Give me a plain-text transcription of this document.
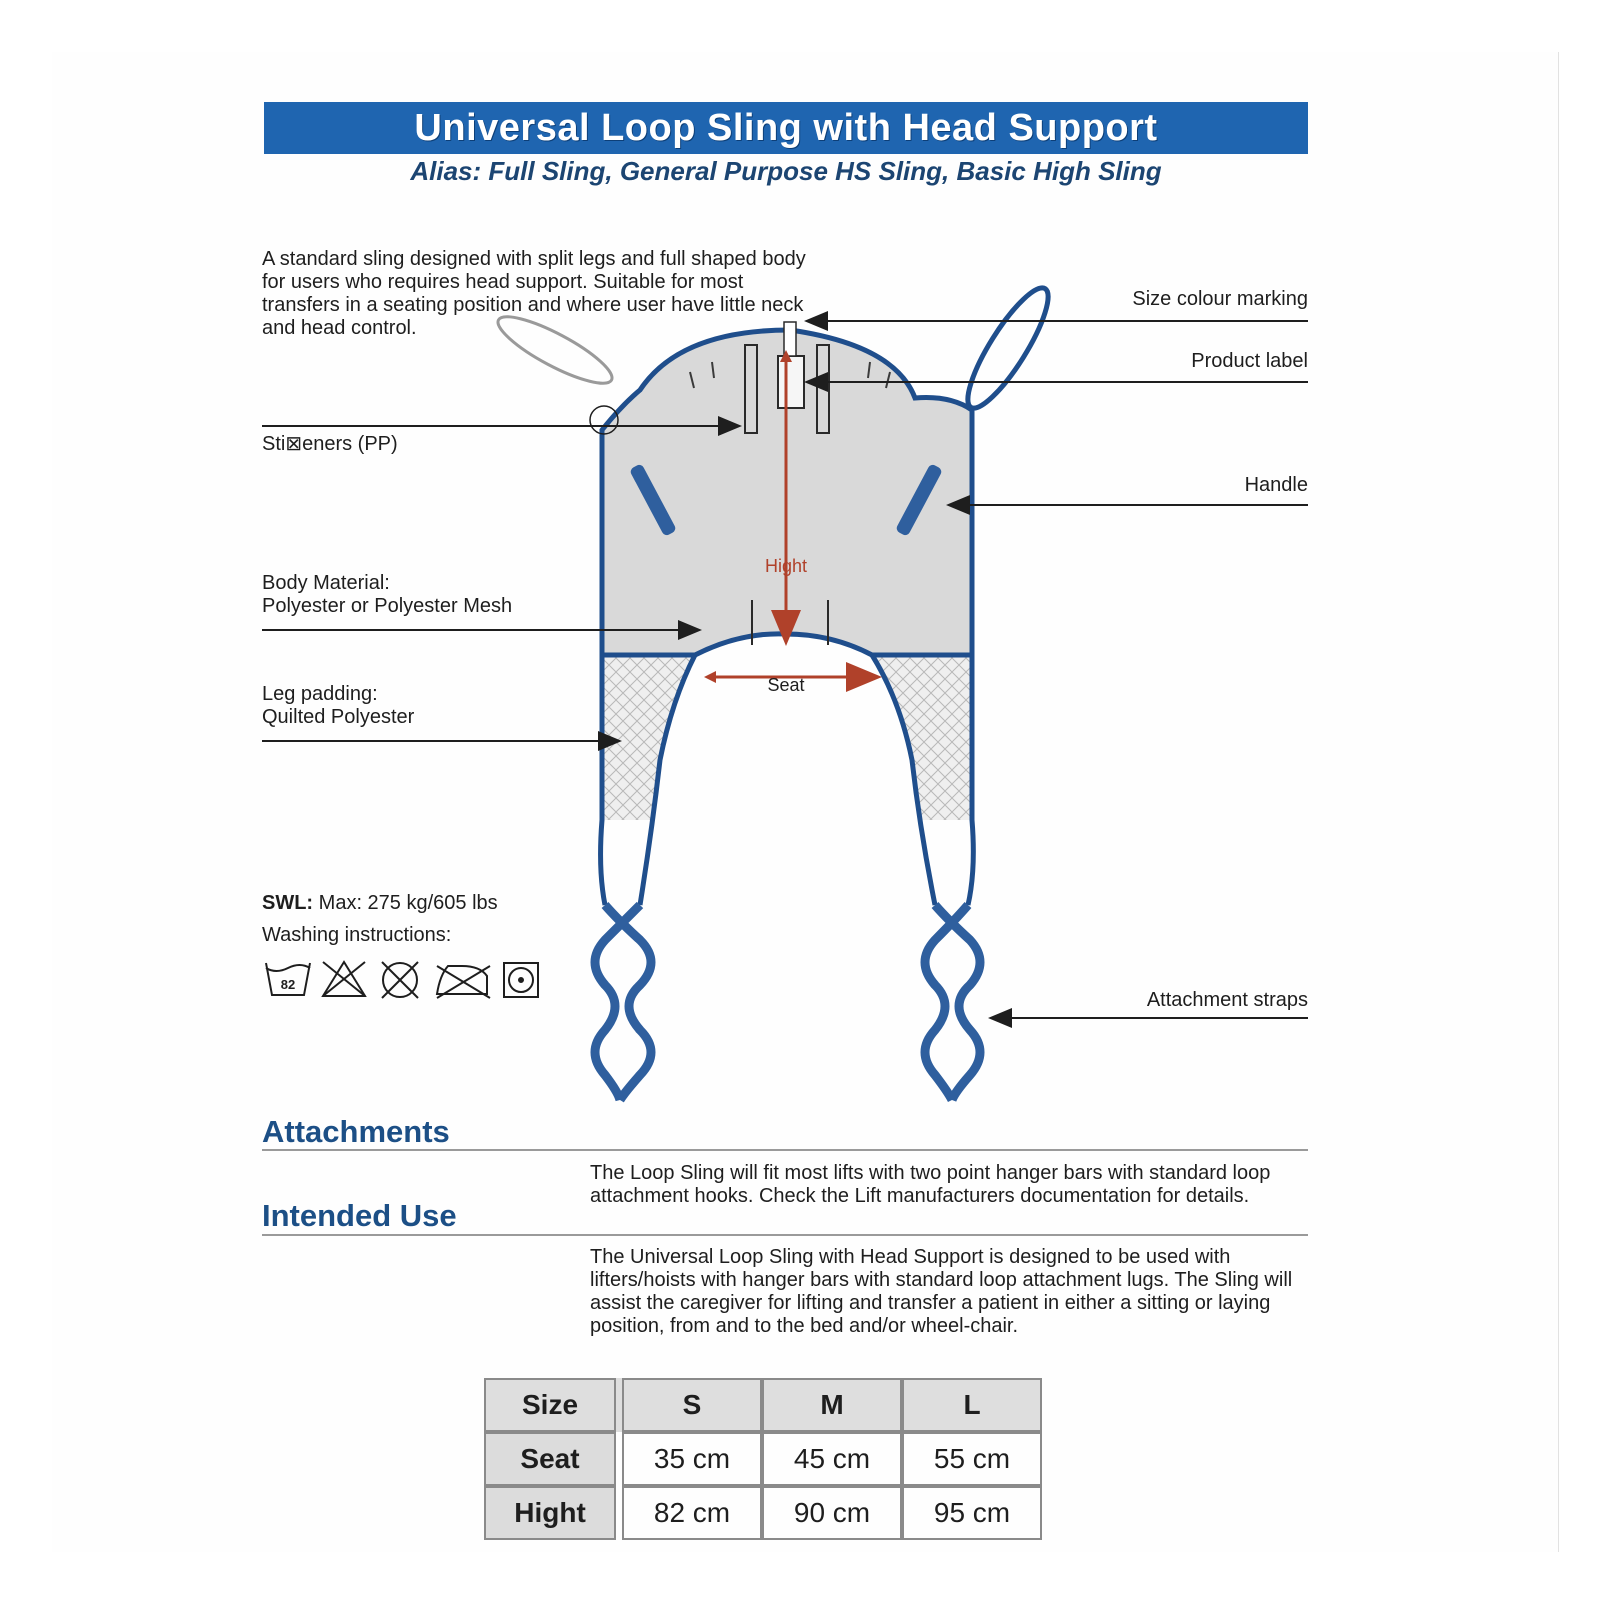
Universal Loop Sling with Head Support
Alias: Full Sling, General Purpose HS Sling, Basic High Sling
A standard sling designed with split legs and full shaped body for users who requires head support. Suitable for most transfers in a seating position and where user have little neck and head control.
Hight
Seat
82
Size colour marking
Product label
Handle
Attachment straps
Sti⊠eners (PP)
Body Material:
Polyester or Polyester Mesh
Leg padding:
Quilted Polyester
SWL: Max: 275 kg/605 lbs
Washing instructions:
Attachments
The Loop Sling will fit most lifts with two point hanger bars with standard loop attachment hooks. Check the Lift manufacturers documentation for details.
Intended Use
The Universal Loop Sling with Head Support is designed to be used with lifters/hoists with hanger bars with standard loop attachment lugs. The Sling will assist the caregiver for lifting and transfer a patient in either a sitting or laying position, from and to the bed and/or wheel-chair.
Size		S	M	L
Seat		35 cm	45 cm	55 cm
Hight		82 cm	90 cm	95 cm
